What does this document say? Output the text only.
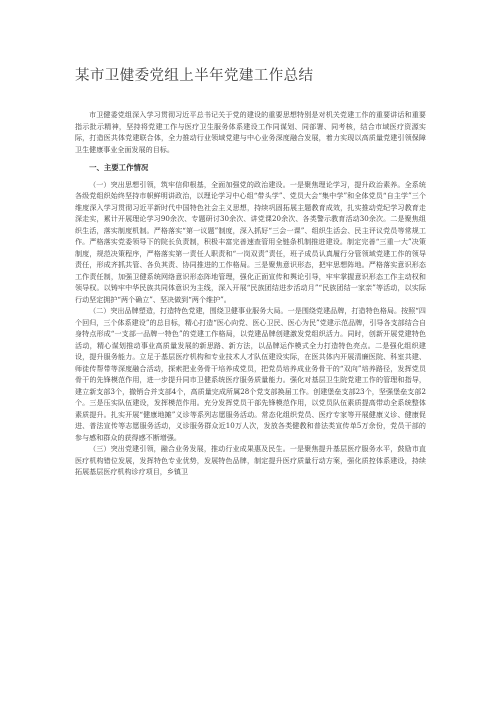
某市卫健委党组上半年党建工作总结

市卫健委党组深入学习贯彻习近平总书记关于党的建设的重要思想特别是对机关党建工作的重要讲话和重要指示批示精神，坚持将党建工作与医疗卫生服务体系建设工作同谋划、同部署、同考核，结合市域医疗资源实际，打造医共体党建联合体，全力推动行业领域党建与中心业务深度融合发展，着力实现以高质量党建引领保障卫生健康事业全面发展的目标。

一、主要工作情况

（一）突出思想引领，筑牢信仰根基，全面加强党的政治建设。一是聚焦理论学习，提升政治素养。全系统各级党组织始终坚持市帜鲜明讲政治，以理论学习中心组“带头学”、党员大会“集中学”和全体党员“自主学”三个维度深入学习贯彻习近平新时代中国特色社会主义思想，持续巩固拓展主题教育成效，扎实推动党纪学习教育走深走实，累计开展理论学习90余次、专题研讨30余次、讲党课20余次、各类警示教育活动30余次。二是聚焦组织生活，落实制度机制。严格落实“第一议题”制度，深入抓好“三会一课”、组织生活会、民主评议党员等常规工作。严格落实党委领导下的院长负责制，积极丰富完善速查管用全链条机制推进建设。制定完善“三重一大”决策制度，规范决策程序，严格落实第一责任人职责和“一岗双责”责任，班子成员认真履行分管领域党建工作的领导责任，形成齐抓共管、各负其责、协同推进的工作格局。三是聚焦意识形态，把牢思想阵地。严格落实意识形态工作责任制，加强卫健系统网络意识形态阵地管理，强化正面宣传和舆论引导，牢牢掌握意识形态工作主动权和领导权。以铸牢中华民族共同体意识为主线，深入开展“民族团结进步活动月”“民族团结一家亲”等活动，以实际行动坚定拥护“两个确立”、坚决做到“两个维护”。

（二）突出品牌塑造，打造特色党建，围绕卫健事业服务大局。一是围绕党建品牌，打造特色格局。按照“四个回归，三个体系建设”的总目标，精心打造“医心向党、医心卫民、医心为民”党建示范品牌，引导各支部结合自身特点形成“一支部一品牌一特色”的党建工作格局，以党建品牌创建激发党组织活力。同时，创新开展党建特色活动，精心谋划推动事业高质量发展的新思路、新方法，以品牌运作模式全力打造特色亮点。二是强化组织建设，提升服务能力。立足于基层医疗机构和专业技术人才队伍建设实际，在医共体内开展清廉医院、科室共建、师徒传帮带等深度融合活动，探索把业务骨干培养成党员，把党员培养成业务骨干的“双向”培养路径，发挥党员骨干的先锋模范作用，进一步提升同市卫健系统医疗服务质量能力。强化对基层卫生院党建工作的管理和指导，建立新支部3个，撤销合并支部4个，高质量完成所属28个党支部换届工作。创建堡垒支部23个，坚强堡垒支部2个。三是压实队伍建设，发挥模范作用。充分发挥党员干部先锋模范作用，以党员队伍素质提高带动全系统整体素质提升。扎实开展“健康地摊”义诊等系列志愿服务活动。常态化组织党员、医疗专家等开展健康义诊、健康促进、普法宣传等志愿服务活动，义诊服务群众近10万人次，发放各类健教和普法类宣传单5万余份，党员干部的参与感和群众的获得感不断增强。

（三）突出党建引领，融合业务发展，推动行业成果惠及民生。一是聚焦提升基层医疗服务水平，鼓励市直医疗机构错位发展，发挥特色专业优势，发展特色品牌，制定提升医疗质量行动方案，强化质控体系建设，持续拓展基层医疗机构诊疗项目，乡镇卫
